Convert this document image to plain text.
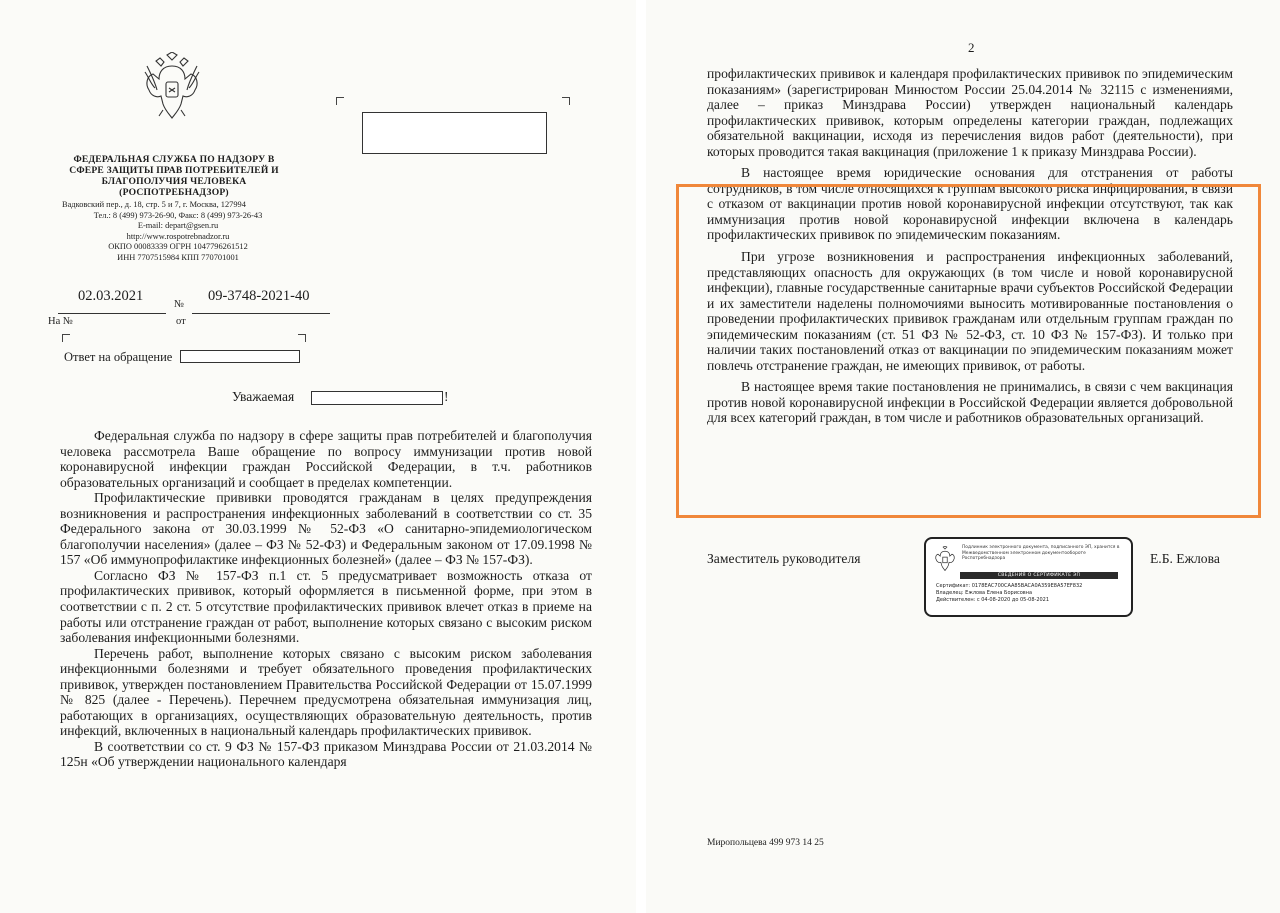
ФЕДЕРАЛЬНАЯ СЛУЖБА ПО НАДЗОРУ В СФЕРЕ ЗАЩИТЫ ПРАВ ПОТРЕБИТЕЛЕЙ И БЛАГОПОЛУЧИЯ ЧЕЛОВЕКА (РОСПОТРЕБНАДЗОР)
Вадковский пер., д. 18, стр. 5 и 7, г. Москва, 127994
Тел.: 8 (499) 973-26-90, Факс: 8 (499) 973-26-43
E-mail: depart@gsen.ru
http://www.rospotrebnadzor.ru
ОКПО 00083339 ОГРН 1047796261512
ИНН 7707515984 КПП 770701001
02.03.2021
№
09-3748-2021-40
На №	от
Ответ на обращение
Уважаемая	!

Федеральная служба по надзору в сфере защиты прав потребителей и благополучия человека рассмотрела Ваше обращение по вопросу иммунизации против новой коронавирусной инфекции граждан Российской Федерации, в т.ч. работников образовательных организаций и сообщает в пределах компетенции.

Профилактические прививки проводятся гражданам в целях предупреждения возникновения и распространения инфекционных заболеваний в соответствии со ст. 35 Федерального закона от 30.03.1999 № 52-ФЗ «О санитарно-эпидемиологическом благополучии населения» (далее – ФЗ № 52-ФЗ) и Федеральным законом от 17.09.1998 № 157 «Об иммунопрофилактике инфекционных болезней» (далее – ФЗ № 157-ФЗ).

Согласно ФЗ № 157-ФЗ п.1 ст. 5 предусматривает возможность отказа от профилактических прививок, который оформляется в письменной форме, при этом в соответствии с п. 2 ст. 5 отсутствие профилактических прививок влечет отказ в приеме на работы или отстранение граждан от работ, выполнение которых связано с высоким риском заболевания инфекционными болезнями.

Перечень работ, выполнение которых связано с высоким риском заболевания инфекционными болезнями и требует обязательного проведения профилактических прививок, утвержден постановлением Правительства Российской Федерации от 15.07.1999 № 825 (далее - Перечень). Перечнем предусмотрена обязательная иммунизация лиц, работающих в организациях, осуществляющих образовательную деятельность, против инфекций, включенных в национальный календарь профилактических прививок.

В соответствии со ст. 9 ФЗ № 157-ФЗ приказом Минздрава России от 21.03.2014 № 125н «Об утверждении национального календаря

2

профилактических прививок и календаря профилактических прививок по эпидемическим показаниям» (зарегистрирован Минюстом России 25.04.2014 № 32115 с изменениями, далее – приказ Минздрава России) утвержден национальный календарь профилактических прививок, которым определены категории граждан, подлежащих обязательной вакцинации, исходя из перечисления видов работ (деятельности), при которых проводится такая вакцинация (приложение 1 к приказу Минздрава России).

В настоящее время юридические основания для отстранения от работы сотрудников, в том числе относящихся к группам высокого риска инфицирования, в связи с отказом от вакцинации против новой коронавирусной инфекции отсутствуют, так как иммунизация против новой коронавирусной инфекции включена в календарь профилактических прививок по эпидемическим показаниям.

При угрозе возникновения и распространения инфекционных заболеваний, представляющих опасность для окружающих (в том числе и новой коронавирусной инфекции), главные государственные санитарные врачи субъектов Российской Федерации и их заместители наделены полномочиями выносить мотивированные постановления о проведении профилактических прививок гражданам или отдельным группам граждан по эпидемическим показаниям (ст. 51 ФЗ № 52-ФЗ, ст. 10 ФЗ № 157-ФЗ). И только при наличии таких постановлений отказ от вакцинации по эпидемическим показаниям может повлечь отстранение граждан, не имеющих прививок, от работы.

В настоящее время такие постановления не принимались, в связи с чем вакцинация против новой коронавирусной инфекции в Российской Федерации является добровольной для всех категорий граждан, в том числе и работников образовательных организаций.

Заместитель руководителя	Е.Б. Ежлова
Подлинник электронного документа, подписанного ЭП, хранится в Межведомственном электронном документообороте Роспотребнадзора
СВЕДЕНИЯ О СЕРТИФИКАТЕ ЭП
Сертификат: 0178EAC700CAA85BACA0A359E8A57EF832
Владелец: Ежлова Елена Борисовна
Действителен: с 04-08-2020 до 05-08-2021
Миропольцева 499 973 14 25
